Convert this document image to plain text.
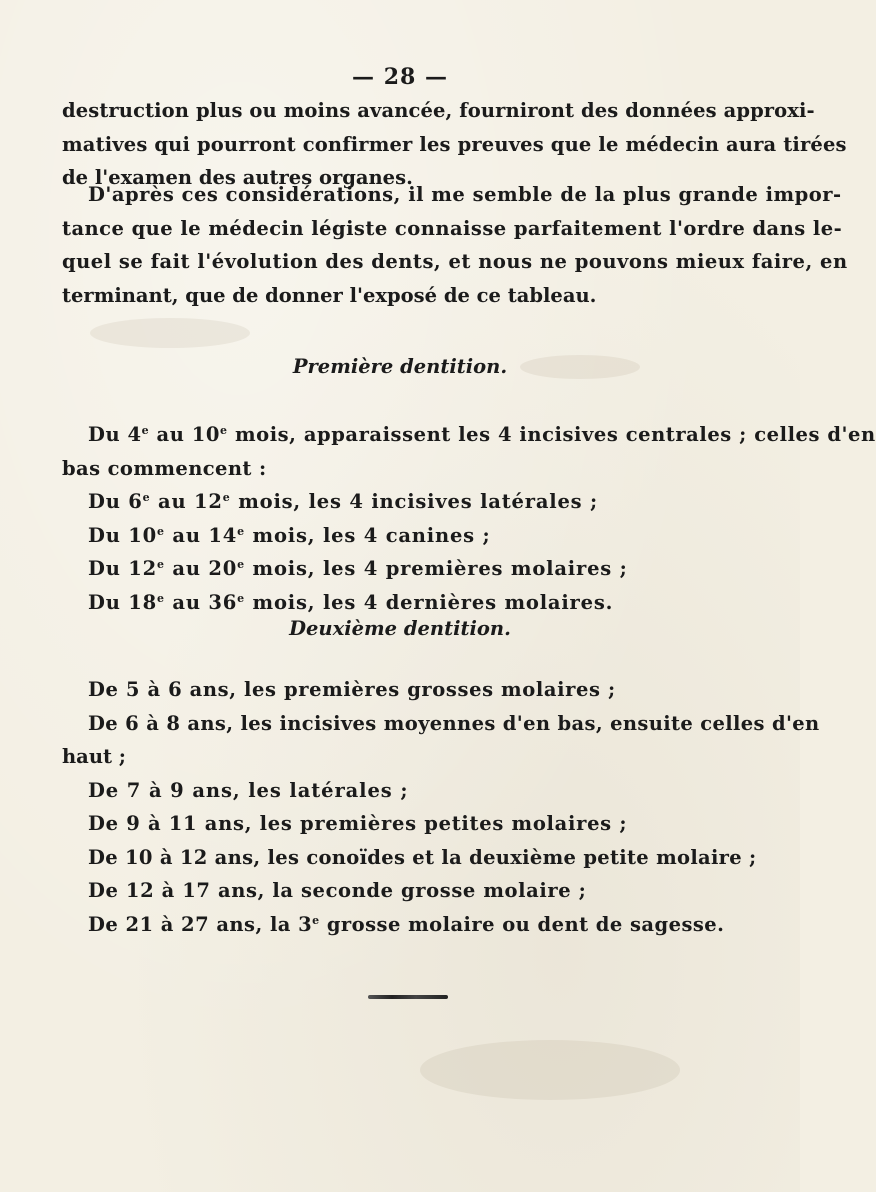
— 28 —
destruction plus ou moins avancée, fourniront des données approxi-
matives qui pourront confirmer les preuves que le médecin aura tirées
de l'examen des autres organes.
D'après ces considérations, il me semble de la plus grande impor-
tance que le médecin légiste connaisse parfaitement l'ordre dans le-
quel se fait l'évolution des dents, et nous ne pouvons mieux faire, en
terminant, que de donner l'exposé de ce tableau.
Première dentition.
Du 4e au 10e mois, apparaissent les 4 incisives centrales ; celles d'en
bas commencent :
Du 6e au 12e mois, les 4 incisives latérales ;
Du 10e au 14e mois, les 4 canines ;
Du 12e au 20e mois, les 4 premières molaires ;
Du 18e au 36e mois, les 4 dernières molaires.
Deuxième dentition.
De 5 à 6 ans, les premières grosses molaires ;
De 6 à 8 ans, les incisives moyennes d'en bas, ensuite celles d'en
haut ;
De 7 à 9 ans, les latérales ;
De 9 à 11 ans, les premières petites molaires ;
De 10 à 12 ans, les conoïdes et la deuxième petite molaire ;
De 12 à 17 ans, la seconde grosse molaire ;
De 21 à 27 ans, la 3e grosse molaire ou dent de sagesse.
